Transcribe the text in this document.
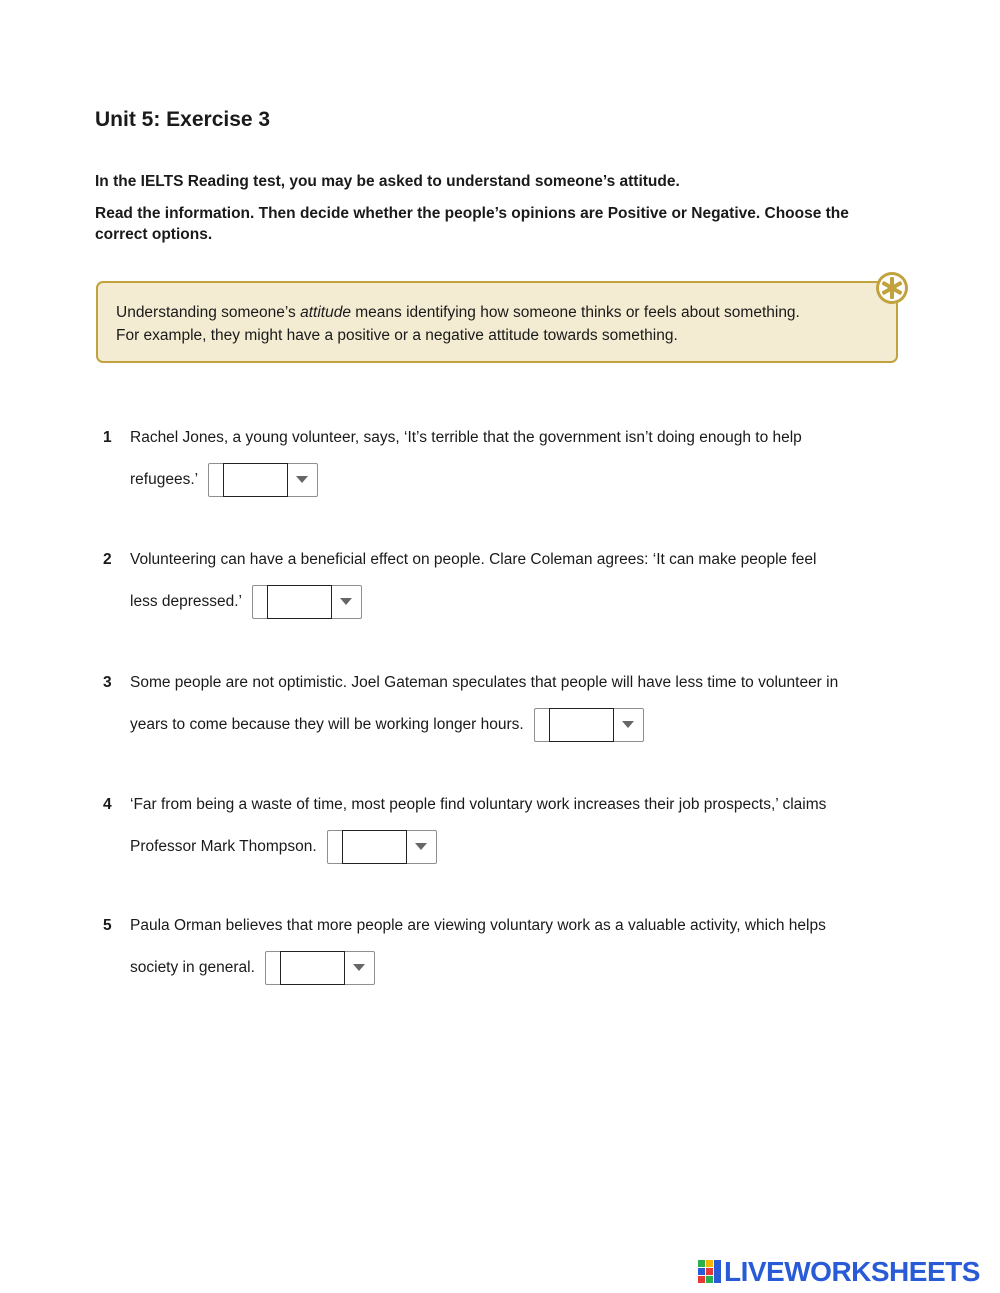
Unit 5: Exercise 3

In the IELTS Reading test, you may be asked to understand someone’s attitude.

Read the information. Then decide whether the people’s opinions are Positive or Negative. Choose the correct options.

Understanding someone’s attitude means identifying how someone thinks or feels about something.

For example, they might have a positive or a negative attitude towards something.

1 Rachel Jones, a young volunteer, says, ‘It’s terrible that the government isn’t doing enough to help
refugees.’
2 Volunteering can have a beneficial effect on people. Clare Coleman agrees: ‘It can make people feel
less depressed.’
3 Some people are not optimistic. Joel Gateman speculates that people will have less time to volunteer in
years to come because they will be working longer hours.
4 ‘Far from being a waste of time, most people find voluntary work increases their job prospects,’ claims
Professor Mark Thompson.
5 Paula Orman believes that more people are viewing voluntary work as a valuable activity, which helps
society in general.
LIVEWORKSHEETS
